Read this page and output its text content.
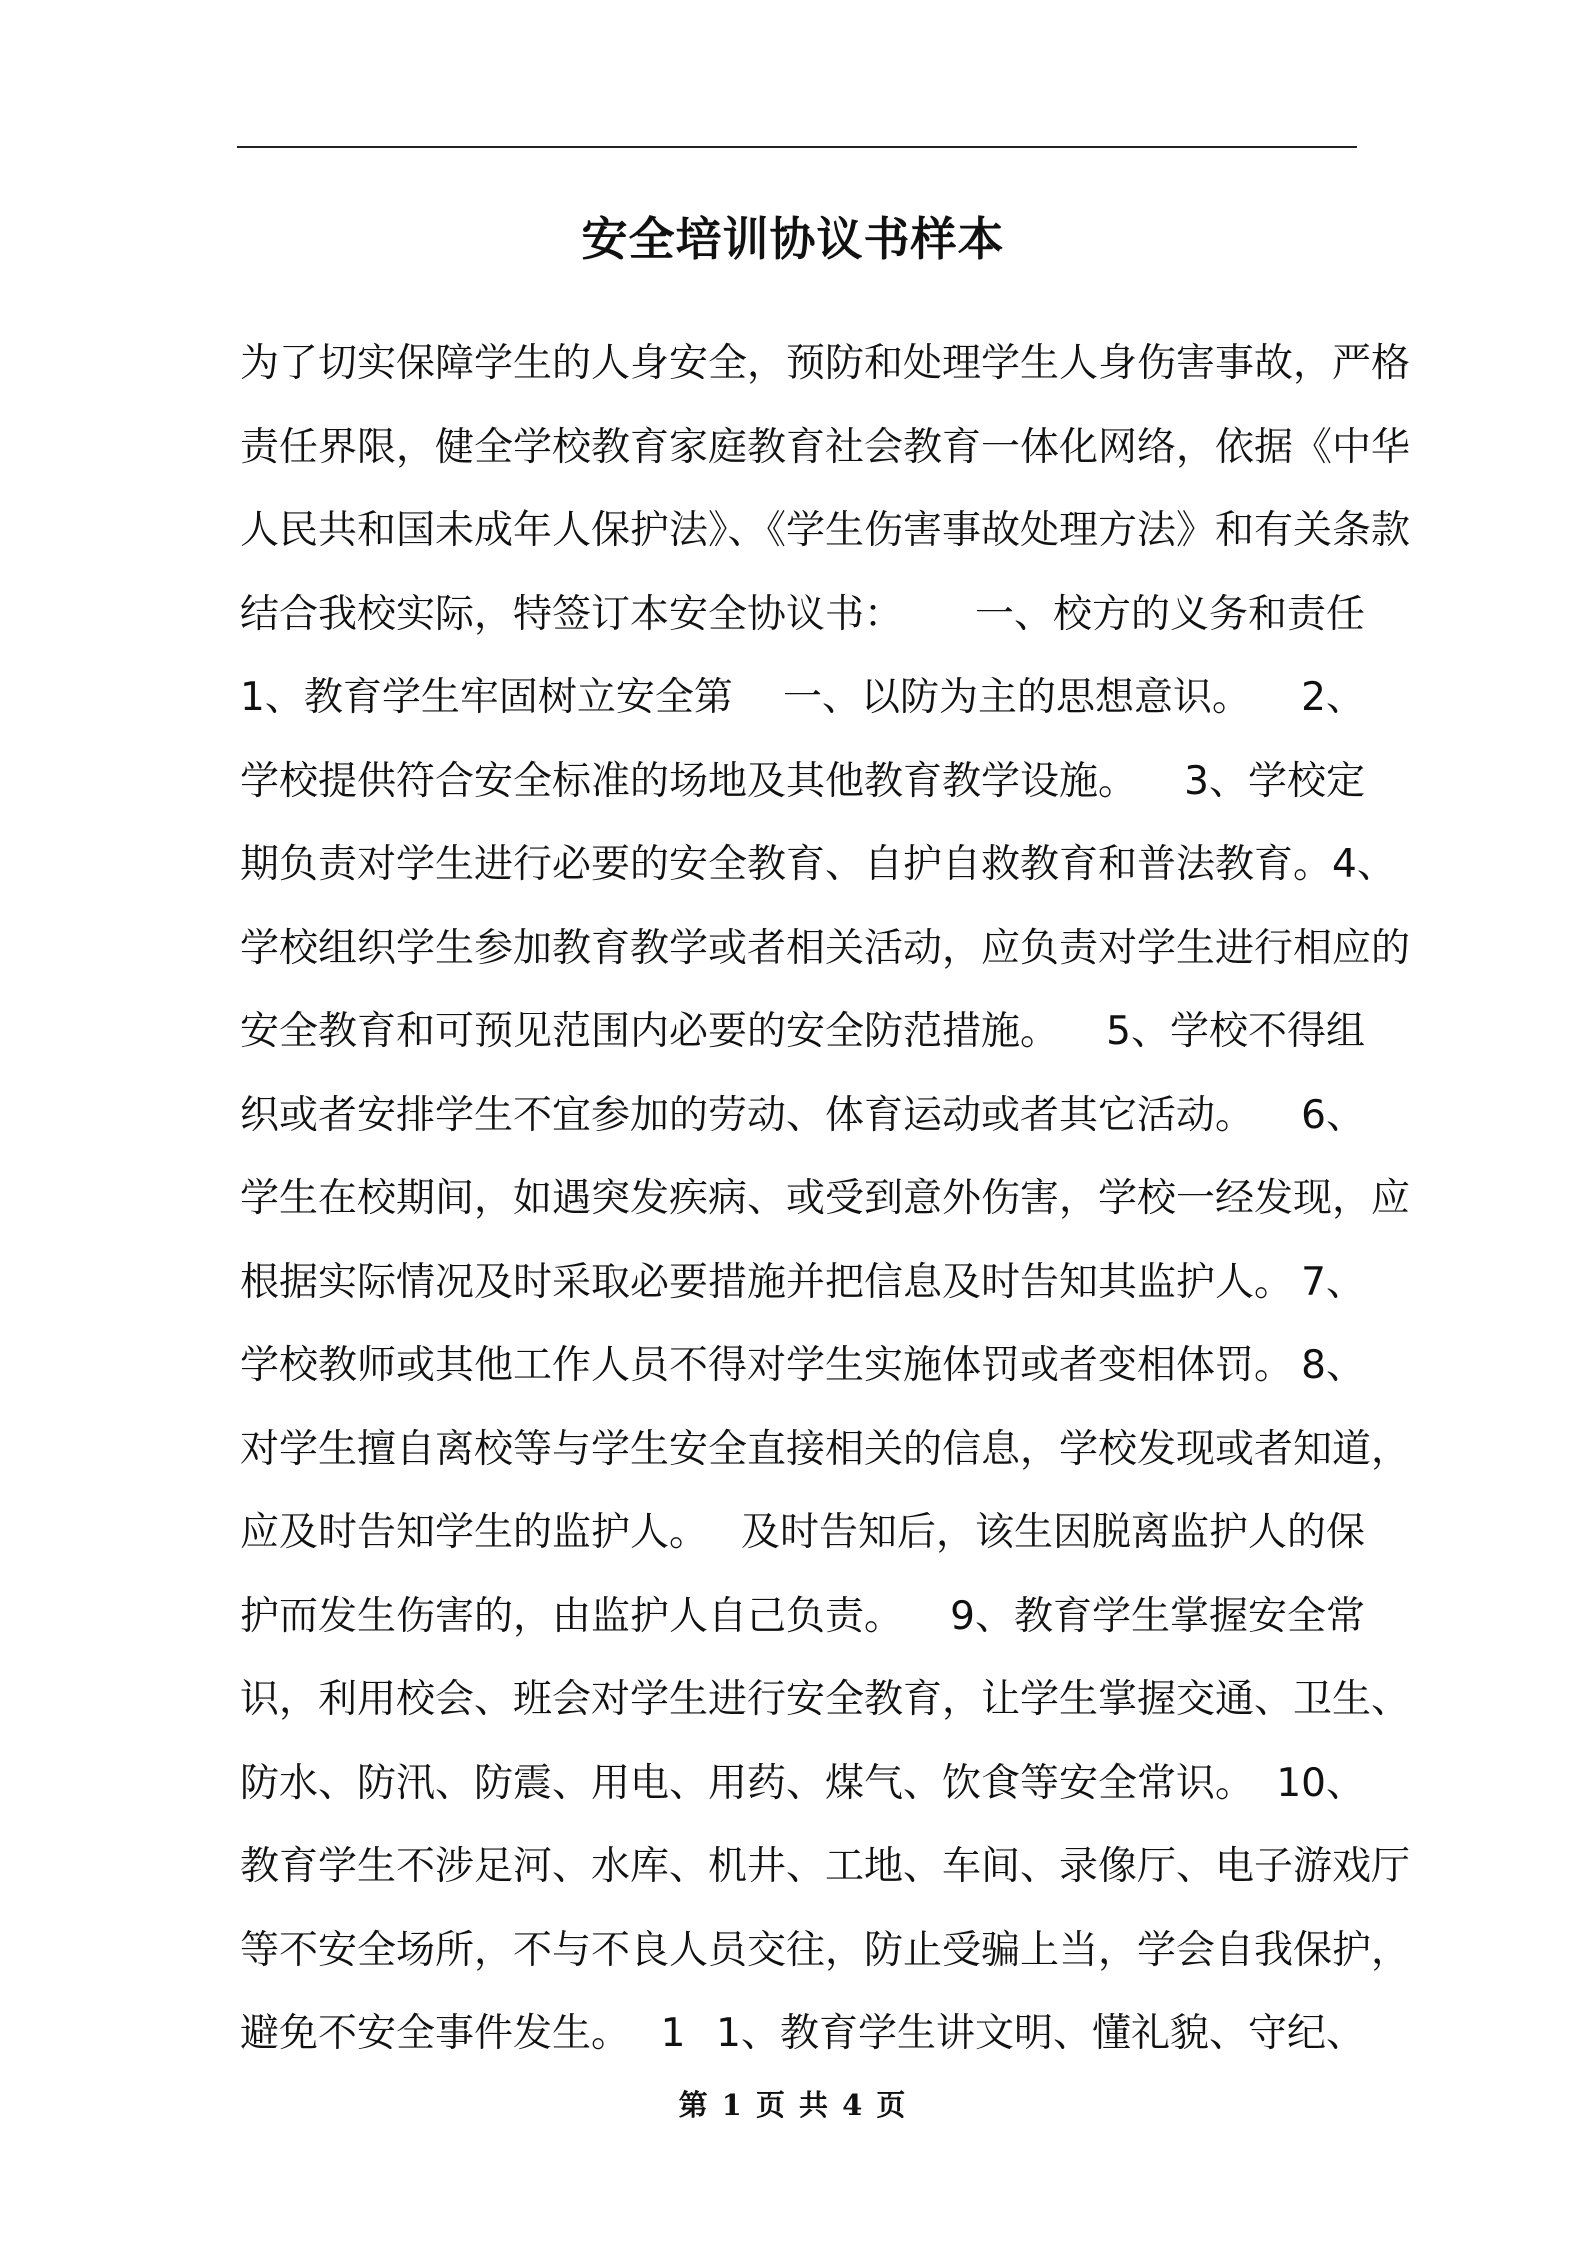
安全培训协议书样本
为了切实保障学生的人身安全，预防和处理学生人身伤害事故，严格
责任界限，健全学校教育家庭教育社会教育一体化网络，依据《中华
人民共和国未成年人保护法》、《学生伤害事故处理方法》和有关条款
结合我校实际，特签订本安全协议书： 一、校方的义务和责任
1、教育学生牢固树立安全第 一、以防为主的思想意识。 2、
学校提供符合安全标准的场地及其他教育教学设施。 3、学校定
期负责对学生进行必要的安全教育、自护自救教育和普法教育。 4、
学校组织学生参加教育教学或者相关活动，应负责对学生进行相应的
安全教育和可预见范围内必要的安全防范措施。 5、学校不得组
织或者安排学生不宜参加的劳动、体育运动或者其它活动。 6、
学生在校期间，如遇突发疾病、或受到意外伤害，学校一经发现，应
根据实际情况及时采取必要措施并把信息及时告知其监护人。 7、
学校教师或其他工作人员不得对学生实施体罚或者变相体罚。 8、
对学生擅自离校等与学生安全直接相关的信息，学校发现或者知道，
应及时告知学生的监护人。 及时告知后，该生因脱离监护人的保
护而发生伤害的，由监护人自己负责。 9、教育学生掌握安全常
识，利用校会、班会对学生进行安全教育，让学生掌握交通、卫生、
防水、防汛、防震、用电、用药、煤气、饮食等安全常识。 10、
教育学生不涉足河、水库、机井、工地、车间、录像厅、电子游戏厅
等不安全场所，不与不良人员交往，防止受骗上当，学会自我保护，
避免不安全事件发生。 1 1、教育学生讲文明、懂礼貌、守纪、
第 1 页 共 4 页
